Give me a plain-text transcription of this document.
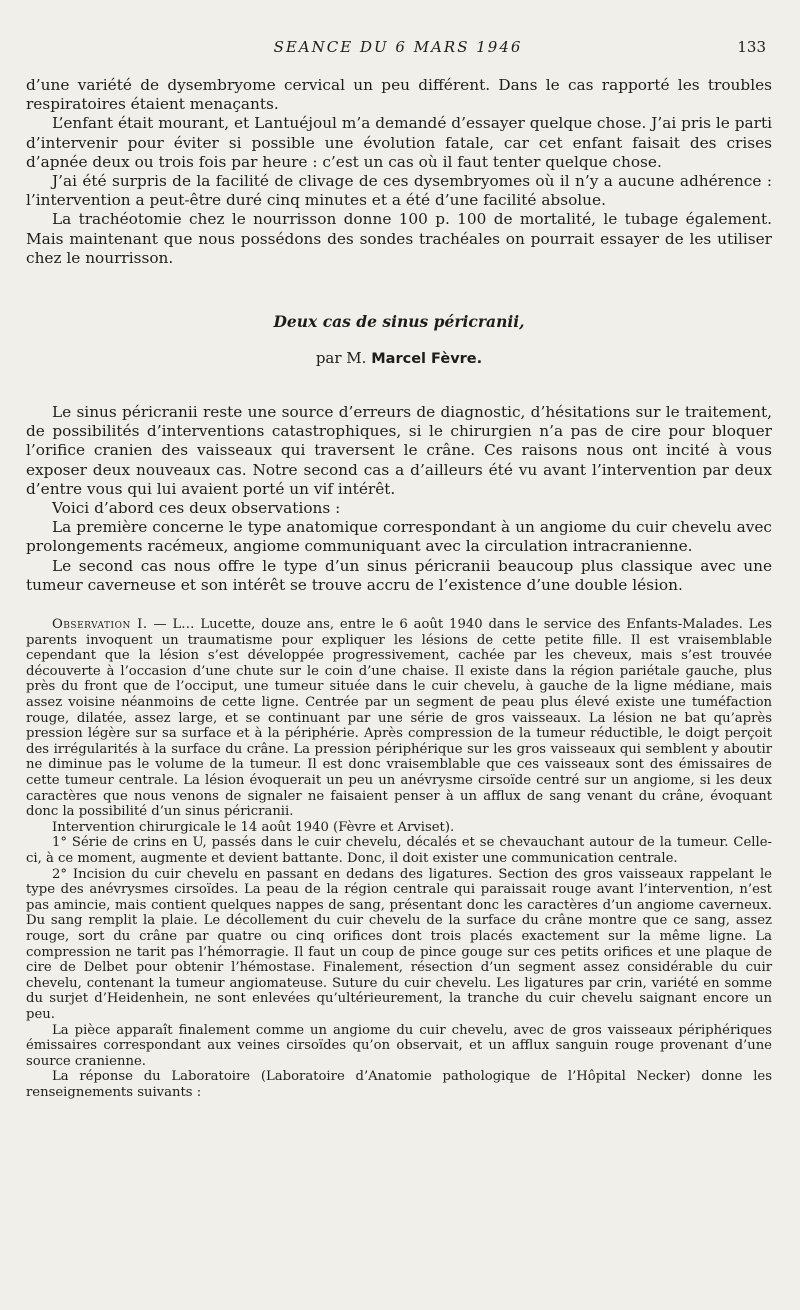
SEANCE DU 6 MARS 1946	133

d’une variété de dysembryome cervical un peu différent. Dans le cas rapporté les troubles respiratoires étaient menaçants.

L’enfant était mourant, et Lantuéjoul m’a demandé d’essayer quelque chose. J’ai pris le parti d’intervenir pour éviter si possible une évolution fatale, car cet enfant faisait des crises d’apnée deux ou trois fois par heure : c’est un cas où il faut tenter quelque chose.

J’ai été surpris de la facilité de clivage de ces dysembryomes où il n’y a aucune adhérence : l’intervention a peut-être duré cinq minutes et a été d’une facilité absolue.

La trachéotomie chez le nourrisson donne 100 p. 100 de mortalité, le tubage également. Mais maintenant que nous possédons des sondes trachéales on pourrait essayer de les utiliser chez le nourrisson.

Deux cas de sinus péricranii,
par M. Marcel Fèvre.

Le sinus péricranii reste une source d’erreurs de diagnostic, d’hésitations sur le traitement, de possibilités d’interventions catastrophiques, si le chirurgien n’a pas de cire pour bloquer l’orifice cranien des vaisseaux qui traversent le crâne. Ces raisons nous ont incité à vous exposer deux nouveaux cas. Notre second cas a d’ailleurs été vu avant l’intervention par deux d’entre vous qui lui avaient porté un vif intérêt.

Voici d’abord ces deux observations :

La première concerne le type anatomique correspondant à un angiome du cuir chevelu avec prolongements racémeux, angiome communiquant avec la circulation intracranienne.

Le second cas nous offre le type d’un sinus péricranii beaucoup plus classique avec une tumeur caverneuse et son intérêt se trouve accru de l’existence d’une double lésion.

Observation I. — L… Lucette, douze ans, entre le 6 août 1940 dans le service des Enfants-Malades. Les parents invoquent un traumatisme pour expliquer les lésions de cette petite fille. Il est vraisemblable cependant que la lésion s’est développée progressivement, cachée par les cheveux, mais s’est trouvée découverte à l’occasion d’une chute sur le coin d’une chaise. Il existe dans la région pariétale gauche, plus près du front que de l’occiput, une tumeur située dans le cuir chevelu, à gauche de la ligne médiane, mais assez voisine néanmoins de cette ligne. Centrée par un segment de peau plus élevé existe une tuméfaction rouge, dilatée, assez large, et se continuant par une série de gros vaisseaux. La lésion ne bat qu’après pression légère sur sa surface et à la périphérie. Après compression de la tumeur réductible, le doigt perçoit des irrégularités à la surface du crâne. La pression périphérique sur les gros vaisseaux qui semblent y aboutir ne diminue pas le volume de la tumeur. Il est donc vraisemblable que ces vaisseaux sont des émissaires de cette tumeur centrale. La lésion évoquerait un peu un anévrysme cirsoïde centré sur un angiome, si les deux caractères que nous venons de signaler ne faisaient penser à un afflux de sang venant du crâne, évoquant donc la possibilité d’un sinus péricranii.

Intervention chirurgicale le 14 août 1940 (Fèvre et Arviset).

1° Série de crins en U, passés dans le cuir chevelu, décalés et se chevauchant autour de la tumeur. Celle-ci, à ce moment, augmente et devient battante. Donc, il doit exister une communication centrale.

2° Incision du cuir chevelu en passant en dedans des ligatures. Section des gros vaisseaux rappelant le type des anévrysmes cirsoïdes. La peau de la région centrale qui paraissait rouge avant l’intervention, n’est pas amincie, mais contient quelques nappes de sang, présentant donc les caractères d’un angiome caverneux. Du sang remplit la plaie. Le décollement du cuir chevelu de la surface du crâne montre que ce sang, assez rouge, sort du crâne par quatre ou cinq orifices dont trois placés exactement sur la même ligne. La compression ne tarit pas l’hémorragie. Il faut un coup de pince gouge sur ces petits orifices et une plaque de cire de Delbet pour obtenir l’hémostase. Finalement, résection d’un segment assez considérable du cuir chevelu, contenant la tumeur angiomateuse. Suture du cuir chevelu. Les ligatures par crin, variété en somme du surjet d’Heidenhein, ne sont enlevées qu’ultérieurement, la tranche du cuir chevelu saignant encore un peu.

La pièce apparaît finalement comme un angiome du cuir chevelu, avec de gros vaisseaux périphériques émissaires correspondant aux veines cirsoïdes qu’on observait, et un afflux sanguin rouge provenant d’une source cranienne.

La réponse du Laboratoire (Laboratoire d’Anatomie pathologique de l’Hôpital Necker) donne les renseignements suivants :
